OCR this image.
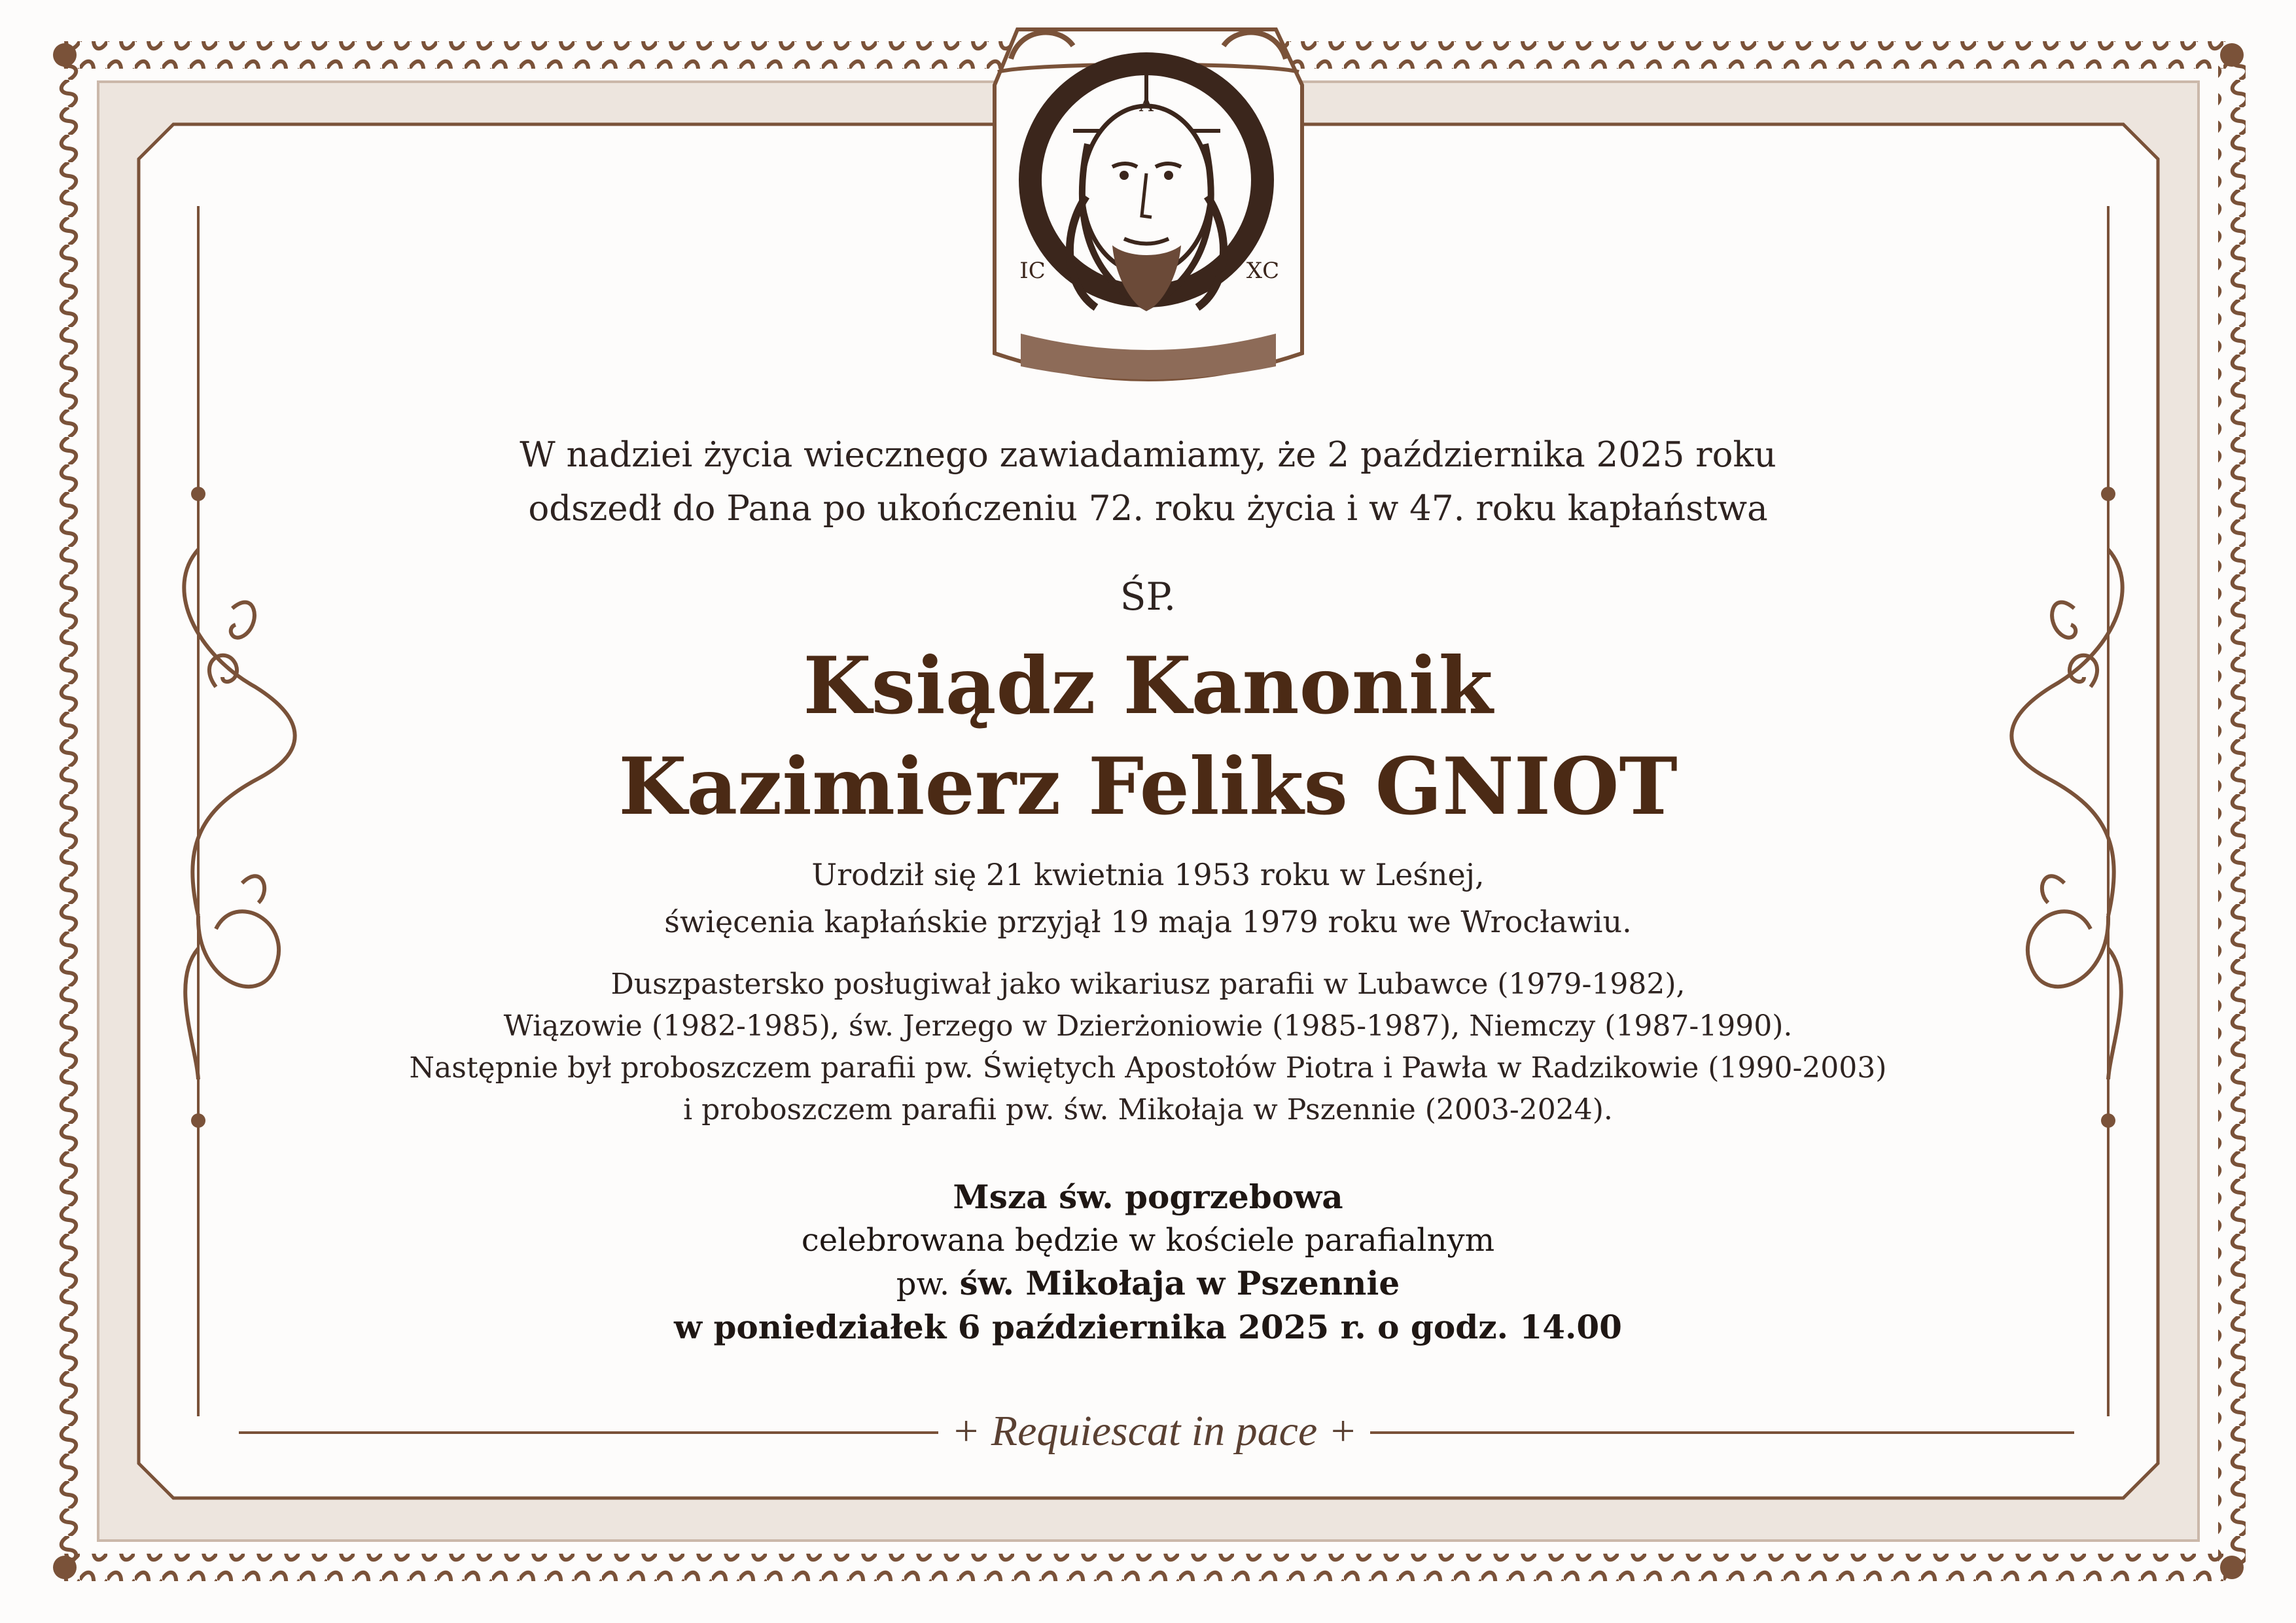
Α
Ѡ	Н
ІС	ХС
W nadziei życia wiecznego zawiadamiamy, że 2 października 2025 roku
odszedł do Pana po ukończeniu 72. roku życia i w 47. roku kapłaństwa
ŚP.
Ksiądz Kanonik
Kazimierz Feliks GNIOT
Urodził się 21 kwietnia 1953 roku w Leśnej,
święcenia kapłańskie przyjął 19 maja 1979 roku we Wrocławiu.
Duszpastersko posługiwał jako wikariusz parafii w Lubawce (1979-1982),
Wiązowie (1982-1985), św. Jerzego w Dzierżoniowie (1985-1987), Niemczy (1987-1990).
Następnie był proboszczem parafii pw. Świętych Apostołów Piotra i Pawła w Radzikowie (1990-2003)
i proboszczem parafii pw. św. Mikołaja w Pszennie (2003-2024).
Msza św. pogrzebowa
celebrowana będzie w kościele parafialnym
pw. św. Mikołaja w Pszennie
w poniedziałek 6 października 2025 r. o godz. 14.00
+ Requiescat in pace +
